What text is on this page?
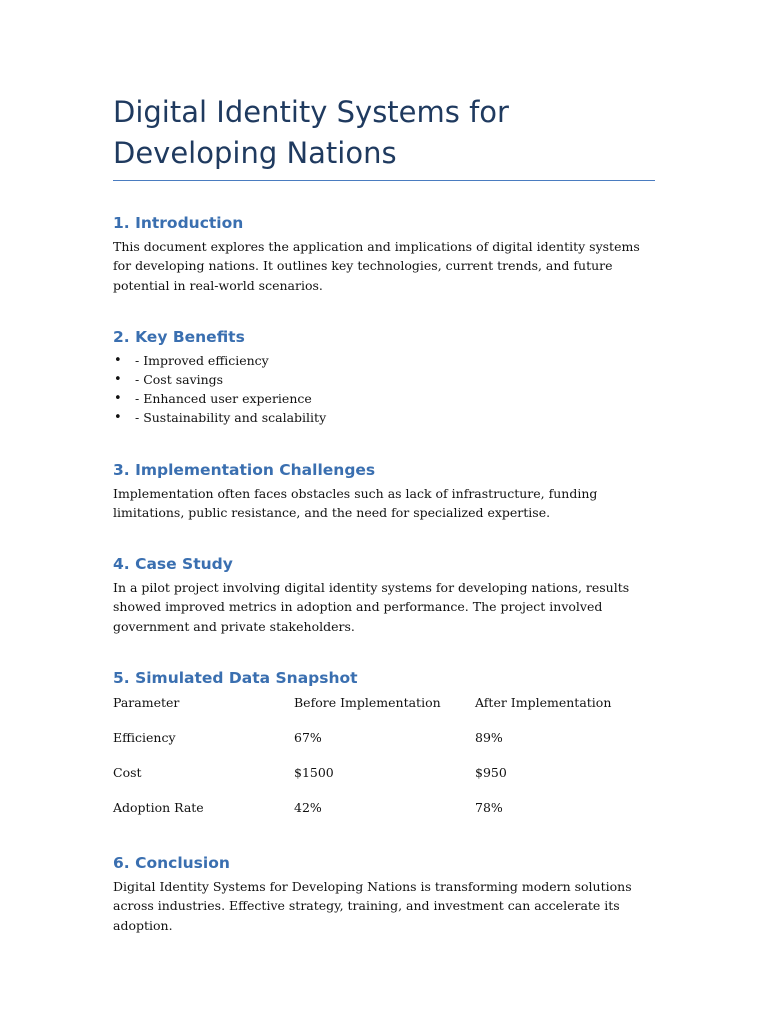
Digital Identity Systems for Developing Nations
1. Introduction

This document explores the application and implications of digital identity systems for developing nations. It outlines key technologies, current trends, and future potential in real-world scenarios.

2. Key Benefits
• - Improved efficiency
• - Cost savings
• - Enhanced user experience
• - Sustainability and scalability
3. Implementation Challenges

Implementation often faces obstacles such as lack of infrastructure, funding limitations, public resistance, and the need for specialized expertise.

4. Case Study

In a pilot project involving digital identity systems for developing nations, results showed improved metrics in adoption and performance. The project involved government and private stakeholders.

5. Simulated Data Snapshot
Parameter	Before Implementation	After Implementation
Efficiency	67%	89%
Cost	$1500	$950
Adoption Rate	42%	78%
6. Conclusion

Digital Identity Systems for Developing Nations is transforming modern solutions across industries. Effective strategy, training, and investment can accelerate its adoption.
